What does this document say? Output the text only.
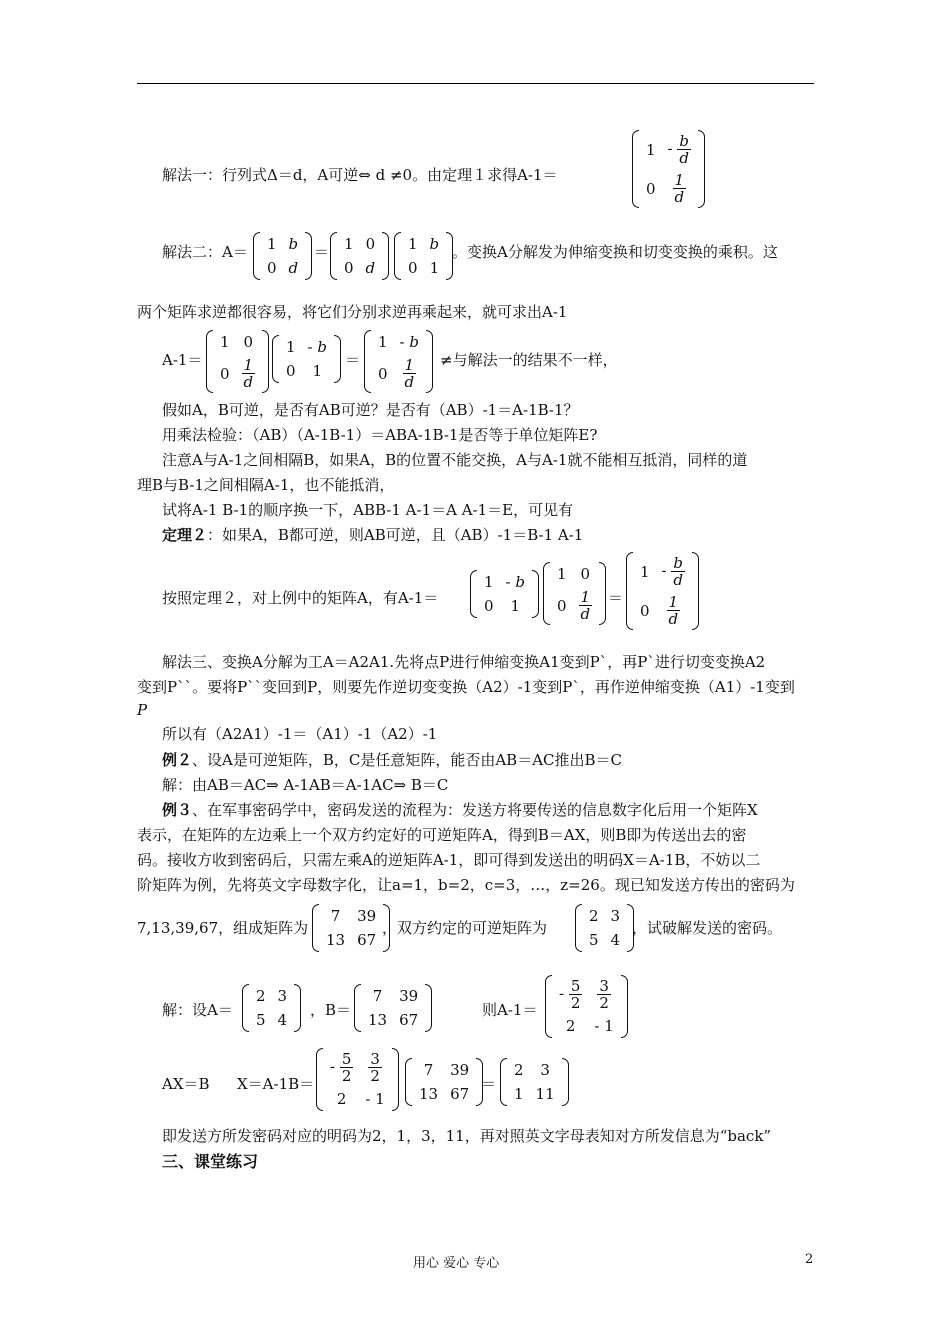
解法一：行列式Δ＝d，A可逆⇔ d ≠0。由定理１求得A-1＝
1	- $\frac{b}{d}$

0	$\frac{1}{d}$
解法二：A＝ 1	b
0	d
＝ 1	0
0	d
1	b
0	1
。变换A分解发为伸缩变换和切变变换的乘积。这
两个矩阵求逆都很容易，将它们分别求逆再乘起来，就可求出A-1
A-1＝
1	0
0	$\frac{1}{d}$
1	- b
0	1
＝
1	- b
0	$\frac{1}{d}$ ≠与解法一的结果不一样，
假如A，B可逆，是否有AB可逆？是否有（AB）-1＝A-1B-1？
用乘法检验：（AB）（A-1B-1）＝ABA-1B-1是否等于单位矩阵E?
注意A与A-1之间相隔B，如果A，B的位置不能交换，A与A-1就不能相互抵消，同样的道
理B与B-1之间相隔A-1，也不能抵消，
试将A-1 B-1的顺序换一下，ABB-1 A-1＝A A-1＝E，可见有
定理２：如果A，B都可逆，则AB可逆，且（AB）-1＝B-1 A-1
按照定理２，对上例中的矩阵A，有A-1＝
1	- b
0	1
1	0
0	$\frac{1}{d}$ ＝
1	- $\frac{b}{d}$

0	$\frac{1}{d}$
解法三、变换A分解为工A＝A2A1.先将点P进行伸缩变换A1变到P`，再P`进行切变变换A2
变到P``。要将P``变回到P，则要先作逆切变变换（A2）-1变到P`，再作逆伸缩变换（A1）-1变到
P
所以有（A2A1）-1＝（A1）-1（A2）-1
例２、设A是可逆矩阵，B，C是任意矩阵，能否由AB＝AC推出B＝C
解：由AB＝AC⇒ A-1AB＝A-1AC⇒ B＝C
例３、在军事密码学中，密码发送的流程为：发送方将要传送的信息数字化后用一个矩阵X
表示，在矩阵的左边乘上一个双方约定好的可逆矩阵A，得到B＝AX，则B即为传送出去的密
码。接收方收到密码后，只需左乘A的逆矩阵A-1，即可得到发送出的明码X＝A-1B，不妨以二
阶矩阵为例，先将英文字母数字化，让a=1，b=2，c=3，…，z=26。现已知发送方传出的密码为
7,13,39,67，组成矩阵为
7	39
13	67
，双方约定的可逆矩阵为
2	3
5	4
，试破解发送的密码。
解：设A＝
2	3
5	4
，B＝
7	39
13	67
则A-1＝
- $\frac{5}{2}$	$\frac{3}{2}$

2	- 1
AX＝B X＝A-1B＝
- $\frac{5}{2}$	$\frac{3}{2}$

2	- 1
7	39
13	67
＝
2	3
1	11
即发送方所发密码对应的明码为2，1，3，11，再对照英文字母表知对方所发信息为“back”
三、课堂练习
用心 爱心 专心	2
